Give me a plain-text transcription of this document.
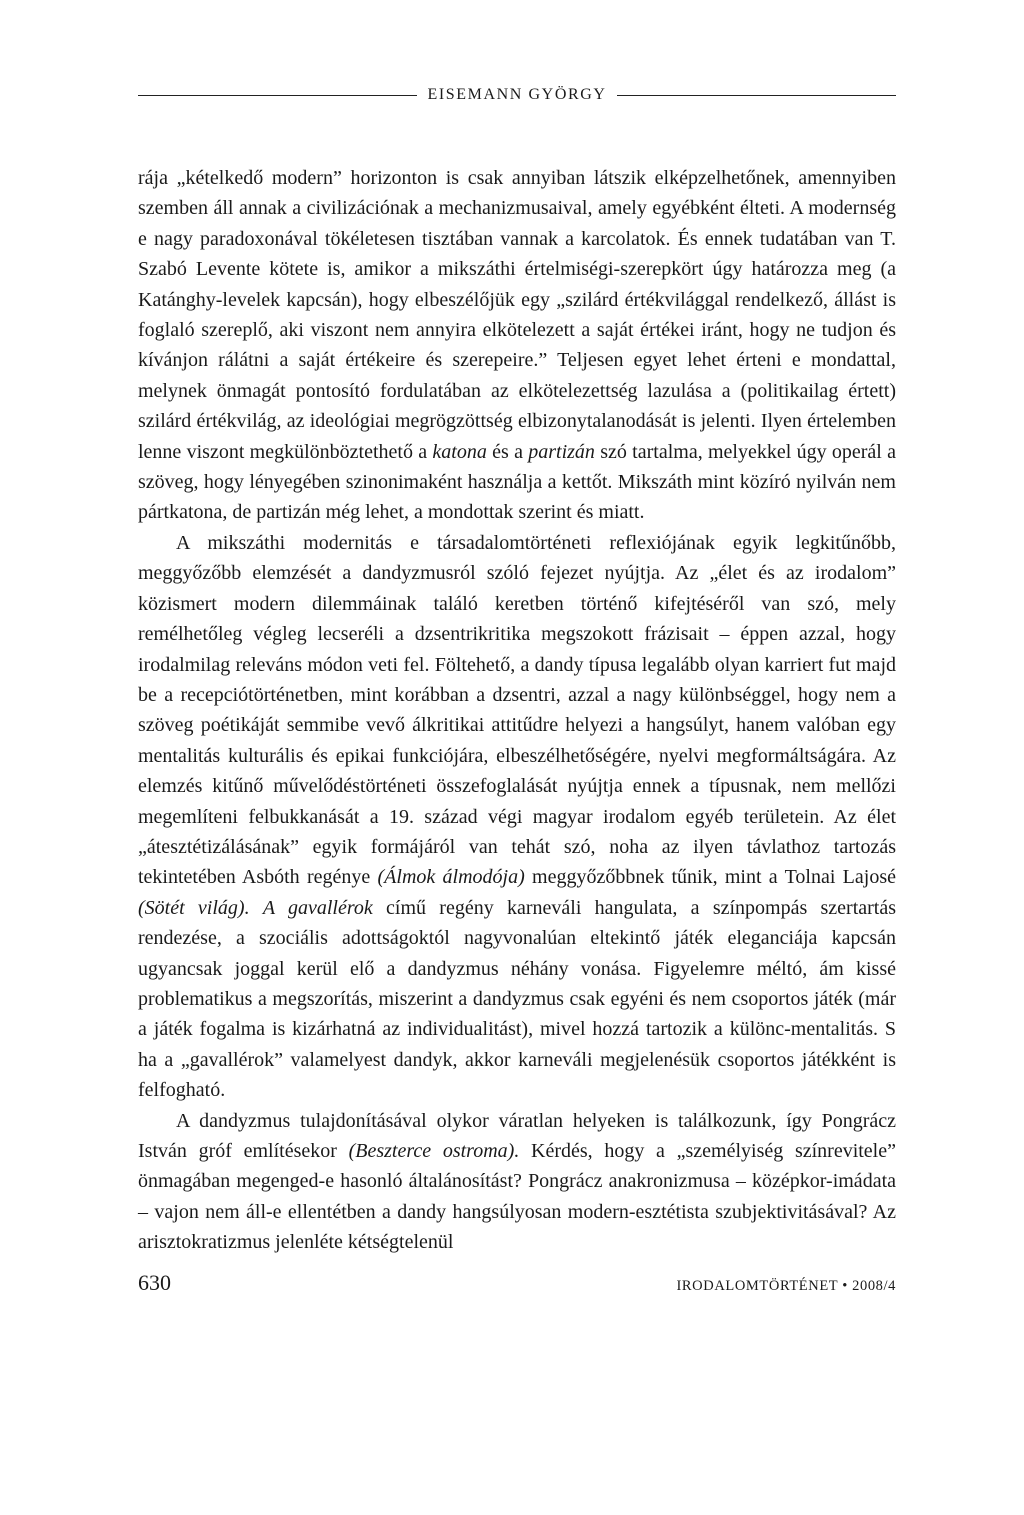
EISEMANN GYÖRGY

rája „kételkedő modern” horizonton is csak annyiban látszik elképzelhetőnek, amennyiben szemben áll annak a civilizációnak a mechanizmusaival, amely egyébként élteti. A modernség e nagy paradoxonával tökéletesen tisztában vannak a karcolatok. És ennek tudatában van T. Szabó Levente kötete is, amikor a mikszáthi értelmiségi-szerepkört úgy határozza meg (a Katánghy-levelek kapcsán), hogy elbeszélőjük egy „szilárd értékvilággal rendelkező, állást is foglaló szereplő, aki viszont nem annyira elkötelezett a saját értékei iránt, hogy ne tudjon és kívánjon rálátni a saját értékeire és szerepeire.” Teljesen egyet lehet érteni e mondattal, melynek önmagát pontosító fordulatában az elkötelezettség lazulása a (politikailag értett) szilárd értékvilág, az ideológiai megrögzöttség elbizonytalanodását is jelenti. Ilyen értelemben lenne viszont megkülönböztethető a katona és a partizán szó tartalma, melyekkel úgy operál a szöveg, hogy lényegében szinonimaként használja a kettőt. Mikszáth mint közíró nyilván nem pártkatona, de partizán még lehet, a mondottak szerint és miatt.

A mikszáthi modernitás e társadalomtörténeti reflexiójának egyik legkitűnőbb, meggyőzőbb elemzését a dandyzmusról szóló fejezet nyújtja. Az „élet és az irodalom” közismert modern dilemmáinak találó keretben történő kifejtéséről van szó, mely remélhetőleg végleg lecseréli a dzsentrikritika megszokott frázisait – éppen azzal, hogy irodalmilag releváns módon veti fel. Föltehető, a dandy típusa legalább olyan karriert fut majd be a recepciótörténetben, mint korábban a dzsentri, azzal a nagy különbséggel, hogy nem a szöveg poétikáját semmibe vevő álkritikai attitűdre helyezi a hangsúlyt, hanem valóban egy mentalitás kulturális és epikai funkciójára, elbeszélhetőségére, nyelvi megformáltságára. Az elemzés kitűnő művelődéstörténeti összefoglalását nyújtja ennek a típusnak, nem mellőzi megemlíteni felbukkanását a 19. század végi magyar irodalom egyéb területein. Az élet „átesztétizálásának” egyik formájáról van tehát szó, noha az ilyen távlathoz tartozás tekintetében Asbóth regénye (Álmok álmodója) meggyőzőbbnek tűnik, mint a Tolnai Lajosé (Sötét világ). A gavallérok című regény karneváli hangulata, a színpompás szertartás rendezése, a szociális adottságoktól nagyvonalúan eltekintő játék eleganciája kapcsán ugyancsak joggal kerül elő a dandyzmus néhány vonása. Figyelemre méltó, ám kissé problematikus a megszorítás, miszerint a dandyzmus csak egyéni és nem csoportos játék (már a játék fogalma is kizárhatná az individualitást), mivel hozzá tartozik a különc-mentalitás. S ha a „gavallérok” valamelyest dandyk, akkor karneváli megjelenésük csoportos játékként is felfogható.

A dandyzmus tulajdonításával olykor váratlan helyeken is találkozunk, így Pongrácz István gróf említésekor (Beszterce ostroma). Kérdés, hogy a „személyiség színrevitele” önmagában megenged-e hasonló általánosítást? Pongrácz anakronizmusa – középkor-imádata – vajon nem áll-e ellentétben a dandy hangsúlyosan modern-esztétista szubjektivitásával? Az arisztokratizmus jelenléte kétségtelenül

630	IRODALOMTÖRTÉNET • 2008/4
